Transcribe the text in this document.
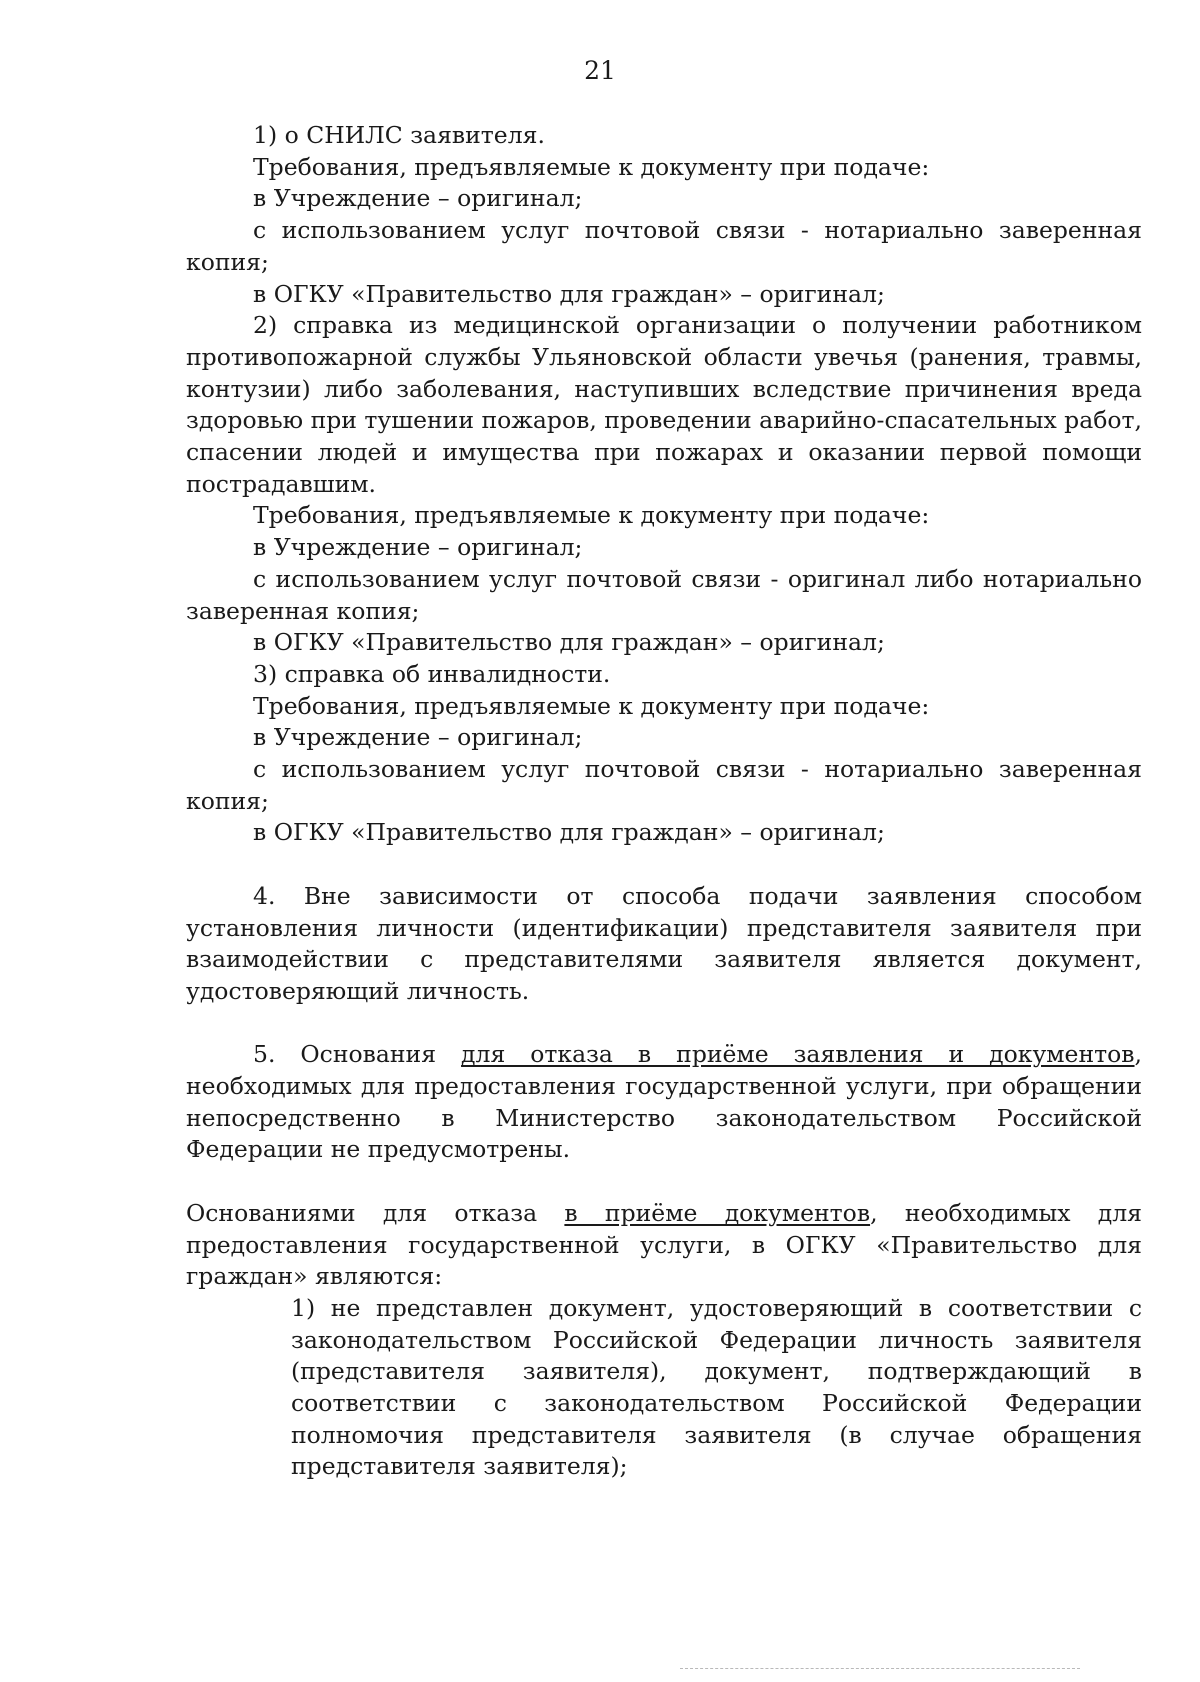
21

1) о СНИЛС заявителя.

Требования, предъявляемые к документу при подаче:

в Учреждение – оригинал;

с использованием услуг почтовой связи - нотариально заверенная копия;

в ОГКУ «Правительство для граждан» – оригинал;

2) справка из медицинской организации о получении работником противопожарной службы Ульяновской области увечья (ранения, травмы, контузии) либо заболевания, наступивших вследствие причинения вреда здоровью при тушении пожаров, проведении аварийно-спасательных работ, спасении людей и имущества при пожарах и оказании первой помощи пострадавшим.

Требования, предъявляемые к документу при подаче:

в Учреждение – оригинал;

с использованием услуг почтовой связи - оригинал либо нотариально заверенная копия;

в ОГКУ «Правительство для граждан» – оригинал;

3) справка об инвалидности.

Требования, предъявляемые к документу при подаче:

в Учреждение – оригинал;

с использованием услуг почтовой связи - нотариально заверенная копия;

в ОГКУ «Правительство для граждан» – оригинал;

4. Вне зависимости от способа подачи заявления способом установления личности (идентификации) представителя заявителя при взаимодействии с представителями заявителя является документ, удостоверяющий личность.

5. Основания для отказа в приёме заявления и документов, необходимых для предоставления государственной услуги, при обращении непосредственно в Министерство законодательством Российской Федерации не предусмотрены.

Основаниями для отказа в приёме документов, необходимых для предоставления государственной услуги, в ОГКУ «Правительство для граждан» являются:

1) не представлен документ, удостоверяющий в соответствии с законодательством Российской Федерации личность заявителя (представителя заявителя), документ, подтверждающий в соответствии с законодательством Российской Федерации полномочия представителя заявителя (в случае обращения представителя заявителя);
